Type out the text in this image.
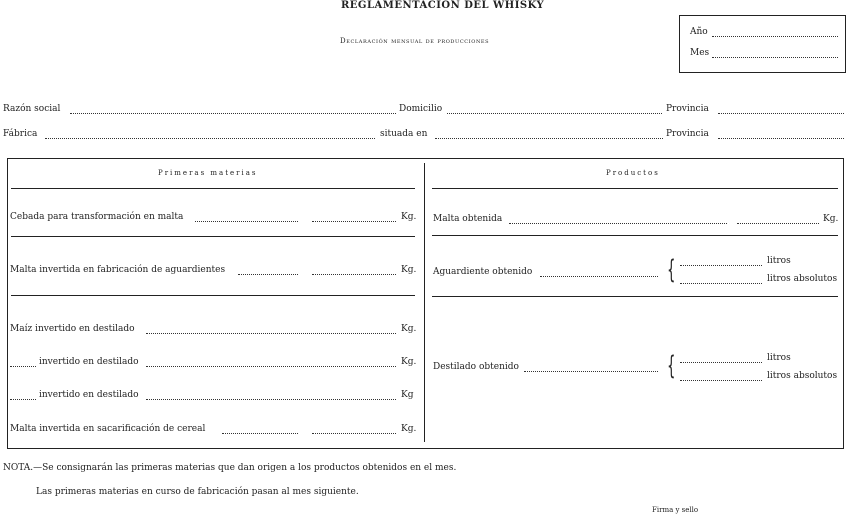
REGLAMENTACION DEL WHISKY
Declaración mensual de producciones
Año
Mes
Razón social	Domicilio	Provincia
Fábrica	situada en	Provincia
Primeras materias	Productos
Cebada para transformación en malta	Kg.
Malta invertida en fabricación de aguardientes	Kg.
Maíz invertido en destilado	Kg.
invertido en destilado	Kg.
invertido en destilado	Kg
Malta invertida en sacarificación de cereal	Kg.
Malta obtenida	Kg.
Aguardiente obtenido	{	litros
litros absolutos
Destilado obtenido	{	litros
litros absolutos
NOTA.—Se consignarán las primeras materias que dan origen a los productos obtenidos en el mes.
Las primeras materias en curso de fabricación pasan al mes siguiente.
Firma y sello
